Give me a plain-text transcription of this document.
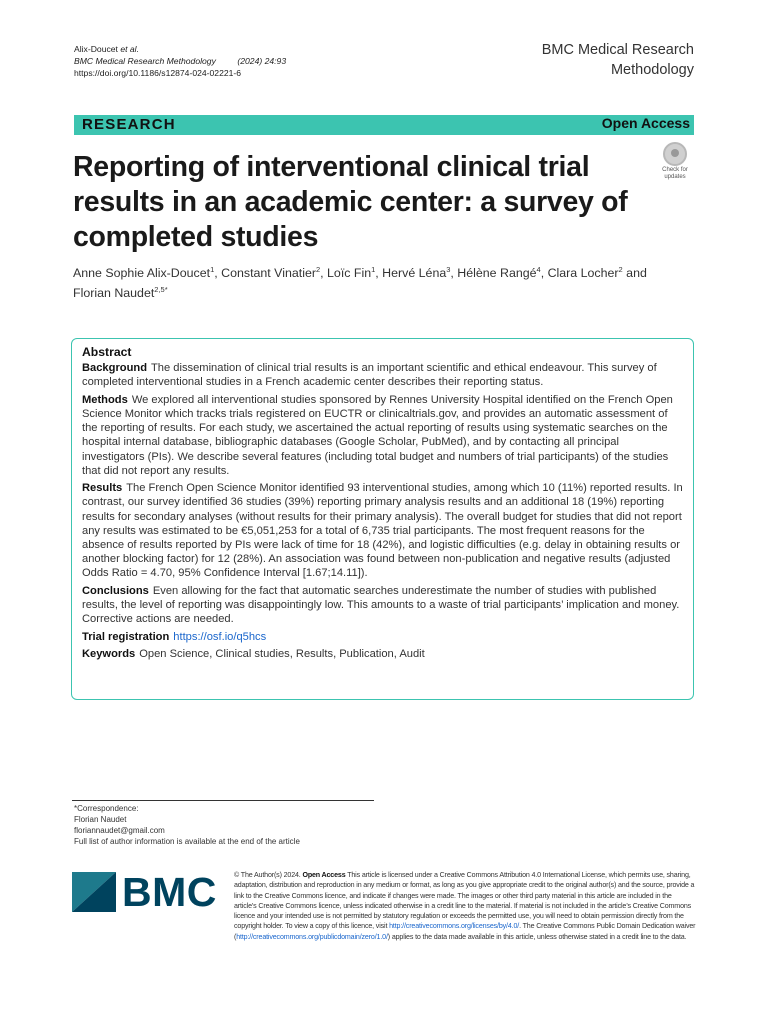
Alix-Doucet et al.
BMC Medical Research Methodology	(2024) 24:93
https://doi.org/10.1186/s12874-024-02221-6
BMC Medical Research
Methodology
RESEARCH	Open Access
Reporting of interventional clinical trial results in an academic center: a survey of completed studies
Check for
updates
Anne Sophie Alix‑Doucet$^1$, Constant Vinatier$^2$, Loïc Fin$^1$, Hervé Léna$^3$, Hélène Rangé$^4$, Clara Locher$^2$ and
Florian Naudet$^{2,5*}$
Abstract

Background The dissemination of clinical trial results is an important scientific and ethical endeavour. This survey of completed interventional studies in a French academic center describes their reporting status.

Methods We explored all interventional studies sponsored by Rennes University Hospital identified on the French Open Science Monitor which tracks trials registered on EUCTR or clinicaltrials.gov, and provides an automatic assessment of the reporting of results. For each study, we ascertained the actual reporting of results using systematic searches on the hospital internal database, bibliographic databases (Google Scholar, PubMed), and by contacting all principal investigators (PIs). We describe several features (including total budget and numbers of trial participants) of the studies that did not report any results.

Results The French Open Science Monitor identified 93 interventional studies, among which 10 (11%) reported results. In contrast, our survey identified 36 studies (39%) reporting primary analysis results and an additional 18 (19%) reporting results for secondary analyses (without results for their primary analysis). The overall budget for studies that did not report any results was estimated to be €5,051,253 for a total of 6,735 trial participants. The most frequent reasons for the absence of results reported by PIs were lack of time for 18 (42%), and logistic difficulties (e.g. delay in obtaining results or another blocking factor) for 12 (28%). An association was found between non-publication and negative results (adjusted Odds Ratio = 4.70, 95% Confidence Interval [1.67;14.11]).

Conclusions Even allowing for the fact that automatic searches underestimate the number of studies with published results, the level of reporting was disappointingly low. This amounts to a waste of trial participants’ implication and money. Corrective actions are needed.

Trial registration https://osf.io/q5hcs

Keywords Open Science, Clinical studies, Results, Publication, Audit

*Correspondence:
Florian Naudet
floriannaudet@gmail.com
Full list of author information is available at the end of the article
BMC © The Author(s) 2024. Open Access This article is licensed under a Creative Commons Attribution 4.0 International License, which permits use, sharing, adaptation, distribution and reproduction in any medium or format, as long as you give appropriate credit to the original author(s) and the source, provide a link to the Creative Commons licence, and indicate if changes were made. The images or other third party material in this article are included in the article’s Creative Commons licence, unless indicated otherwise in a credit line to the material. If material is not included in the article’s Creative Commons licence and your intended use is not permitted by statutory regulation or exceeds the permitted use, you will need to obtain permission directly from the copyright holder. To view a copy of this licence, visit http://creativecommons.org/licenses/by/4.0/. The Creative Commons Public Domain Dedication waiver (http://creativecommons.org/publicdomain/zero/1.0/) applies to the data made available in this article, unless otherwise stated in a credit line to the data.
